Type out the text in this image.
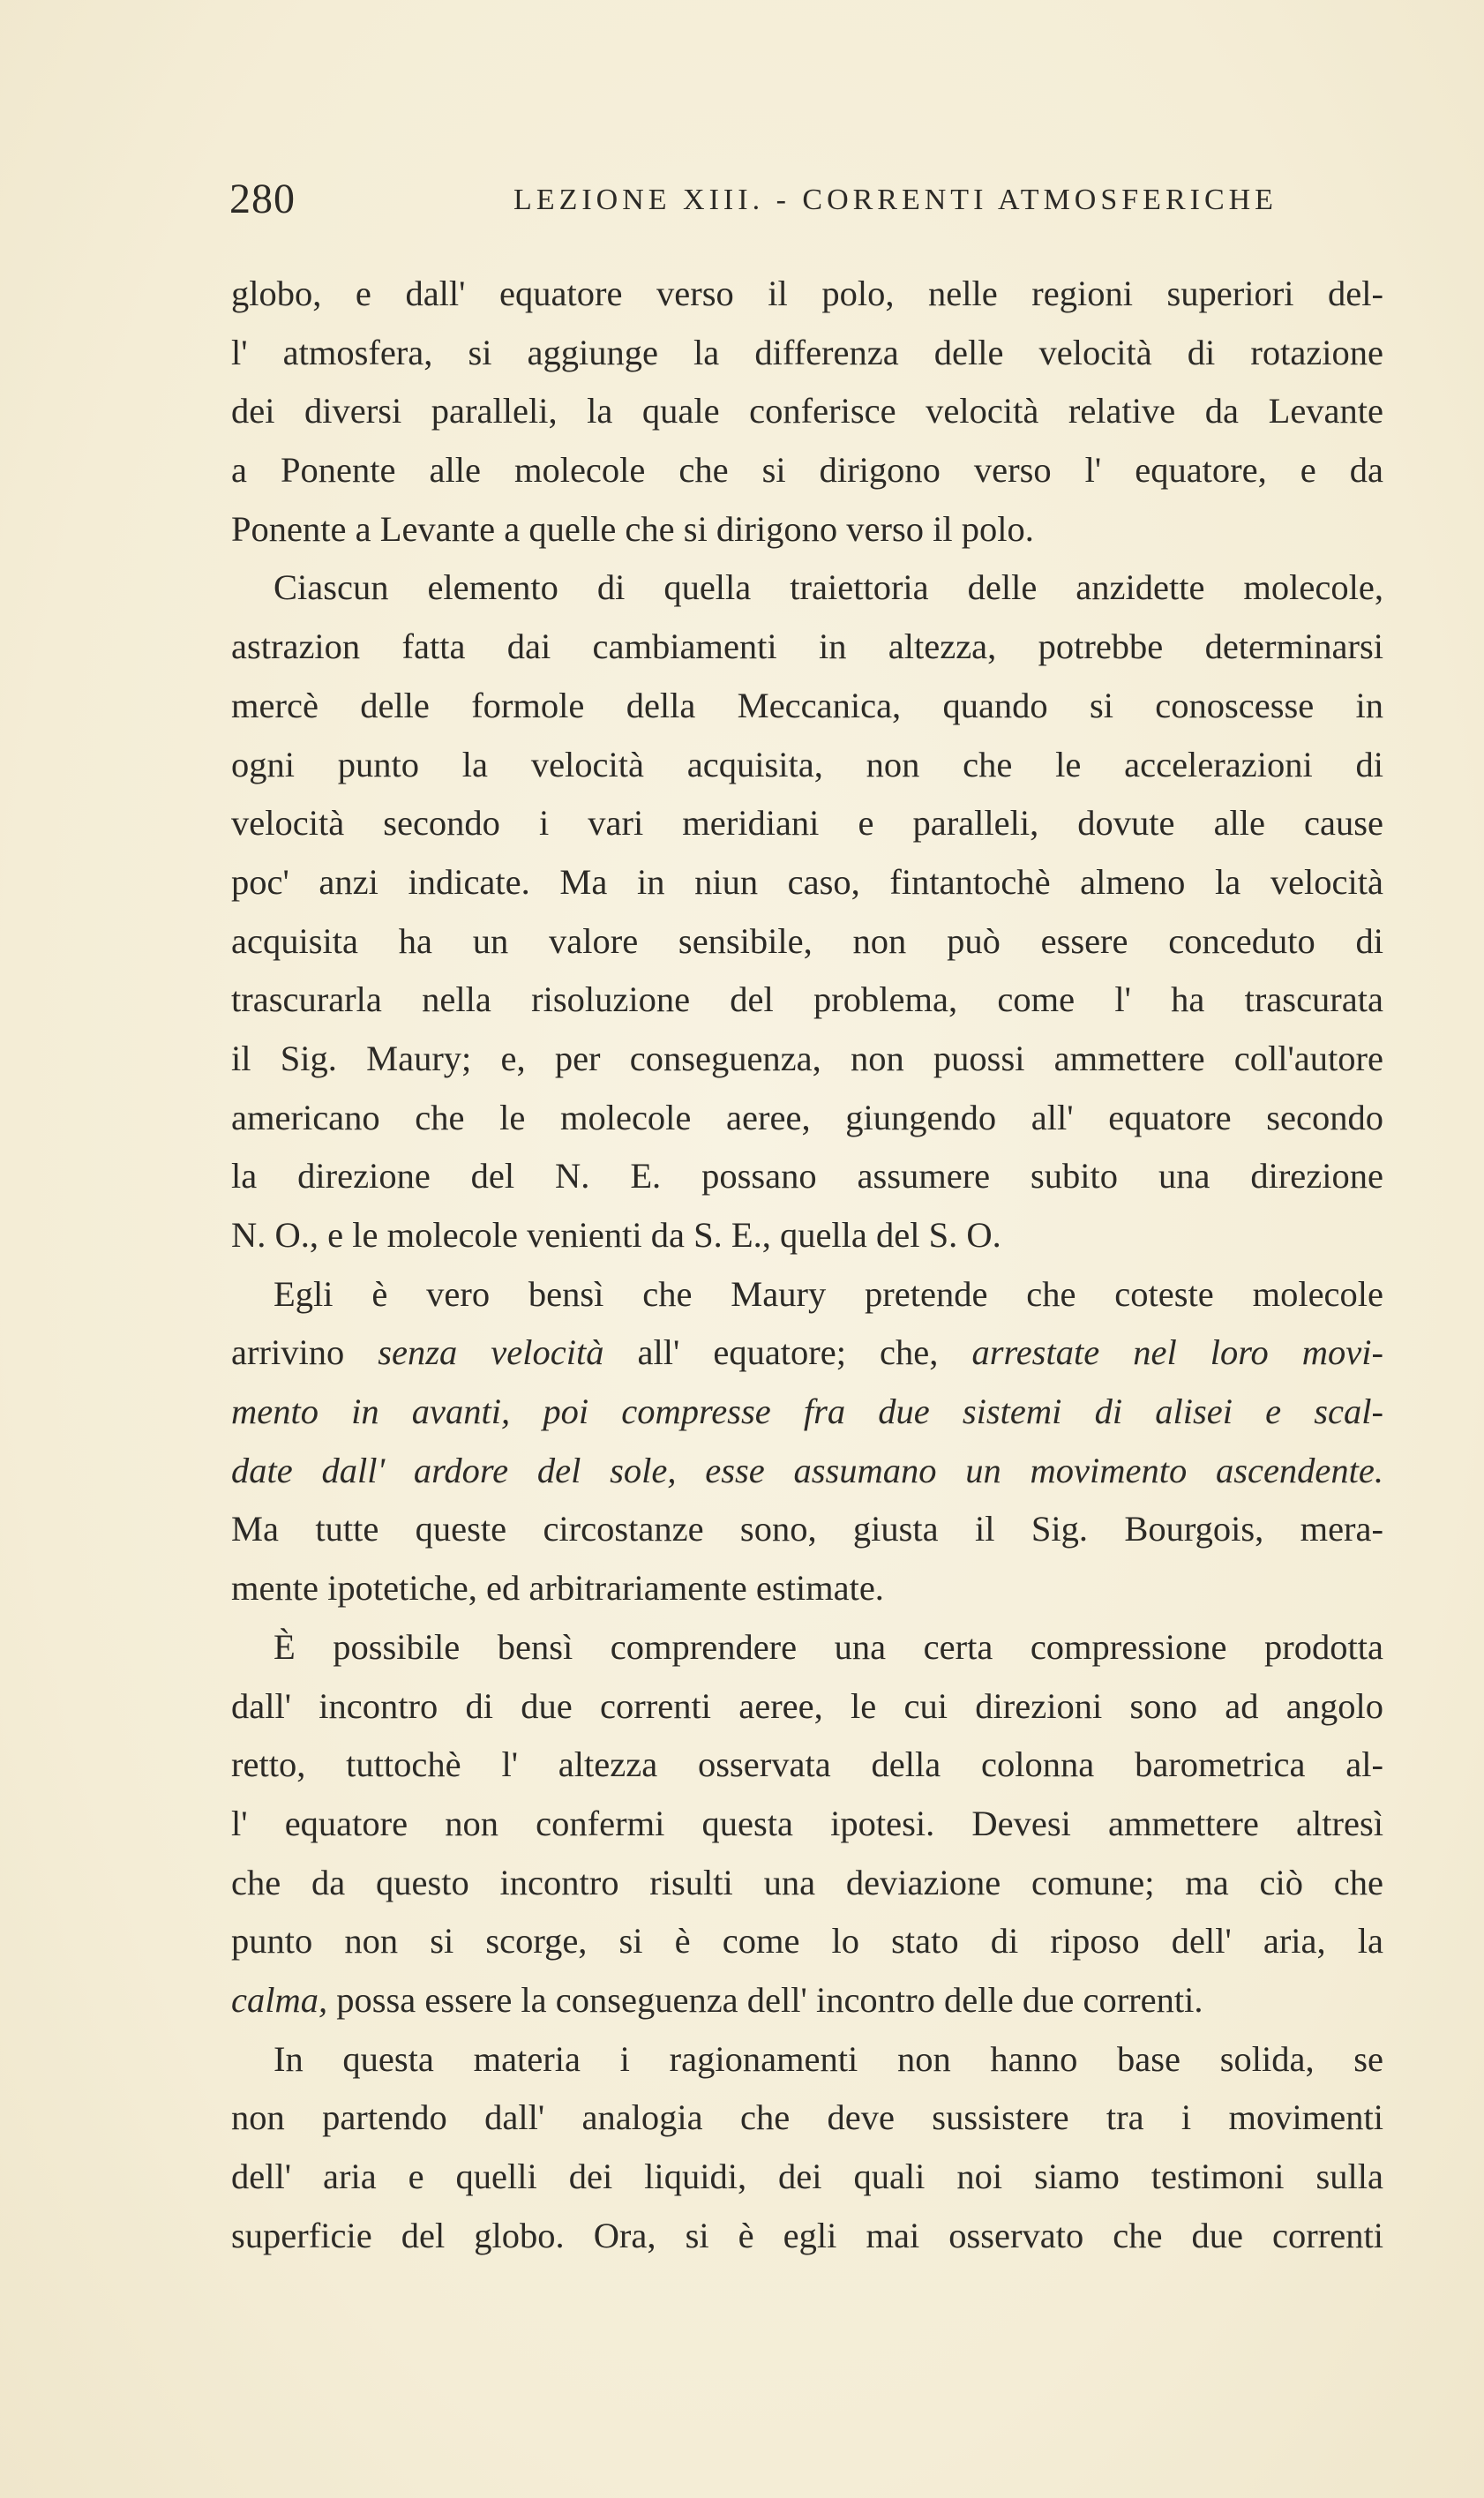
280	LEZIONE XIII. - CORRENTI ATMOSFERICHE
globo, e dall' equatore verso il polo, nelle regioni superiori del-
l' atmosfera, si aggiunge la differenza delle velocità di rotazione
dei diversi paralleli, la quale conferisce velocità relative da Levante
a Ponente alle molecole che si dirigono verso l' equatore, e da
Ponente a Levante a quelle che si dirigono verso il polo.
Ciascun elemento di quella traiettoria delle anzidette molecole,
astrazion fatta dai cambiamenti in altezza, potrebbe determinarsi
mercè delle formole della Meccanica, quando si conoscesse in
ogni punto la velocità acquisita, non che le accelerazioni di
velocità secondo i vari meridiani e paralleli, dovute alle cause
poc' anzi indicate. Ma in niun caso, fintantochè almeno la velocità
acquisita ha un valore sensibile, non può essere conceduto di
trascurarla nella risoluzione del problema, come l' ha trascurata
il Sig. Maury; e, per conseguenza, non puossi ammettere coll'autore
americano che le molecole aeree, giungendo all' equatore secondo
la direzione del N. E. possano assumere subito una direzione
N. O., e le molecole venienti da S. E., quella del S. O.
Egli è vero bensì che Maury pretende che coteste molecole
arrivino senza velocità all' equatore; che, arrestate nel loro movi-
mento in avanti, poi compresse fra due sistemi di alisei e scal-
date dall' ardore del sole, esse assumano un movimento ascendente.
Ma tutte queste circostanze sono, giusta il Sig. Bourgois, mera-
mente ipotetiche, ed arbitrariamente estimate.
È possibile bensì comprendere una certa compressione prodotta
dall' incontro di due correnti aeree, le cui direzioni sono ad angolo
retto, tuttochè l' altezza osservata della colonna barometrica al-
l' equatore non confermi questa ipotesi. Devesi ammettere altresì
che da questo incontro risulti una deviazione comune; ma ciò che
punto non si scorge, si è come lo stato di riposo dell' aria, la
calma, possa essere la conseguenza dell' incontro delle due correnti.
In questa materia i ragionamenti non hanno base solida, se
non partendo dall' analogia che deve sussistere tra i movimenti
dell' aria e quelli dei liquidi, dei quali noi siamo testimoni sulla
superficie del globo. Ora, si è egli mai osservato che due correnti
